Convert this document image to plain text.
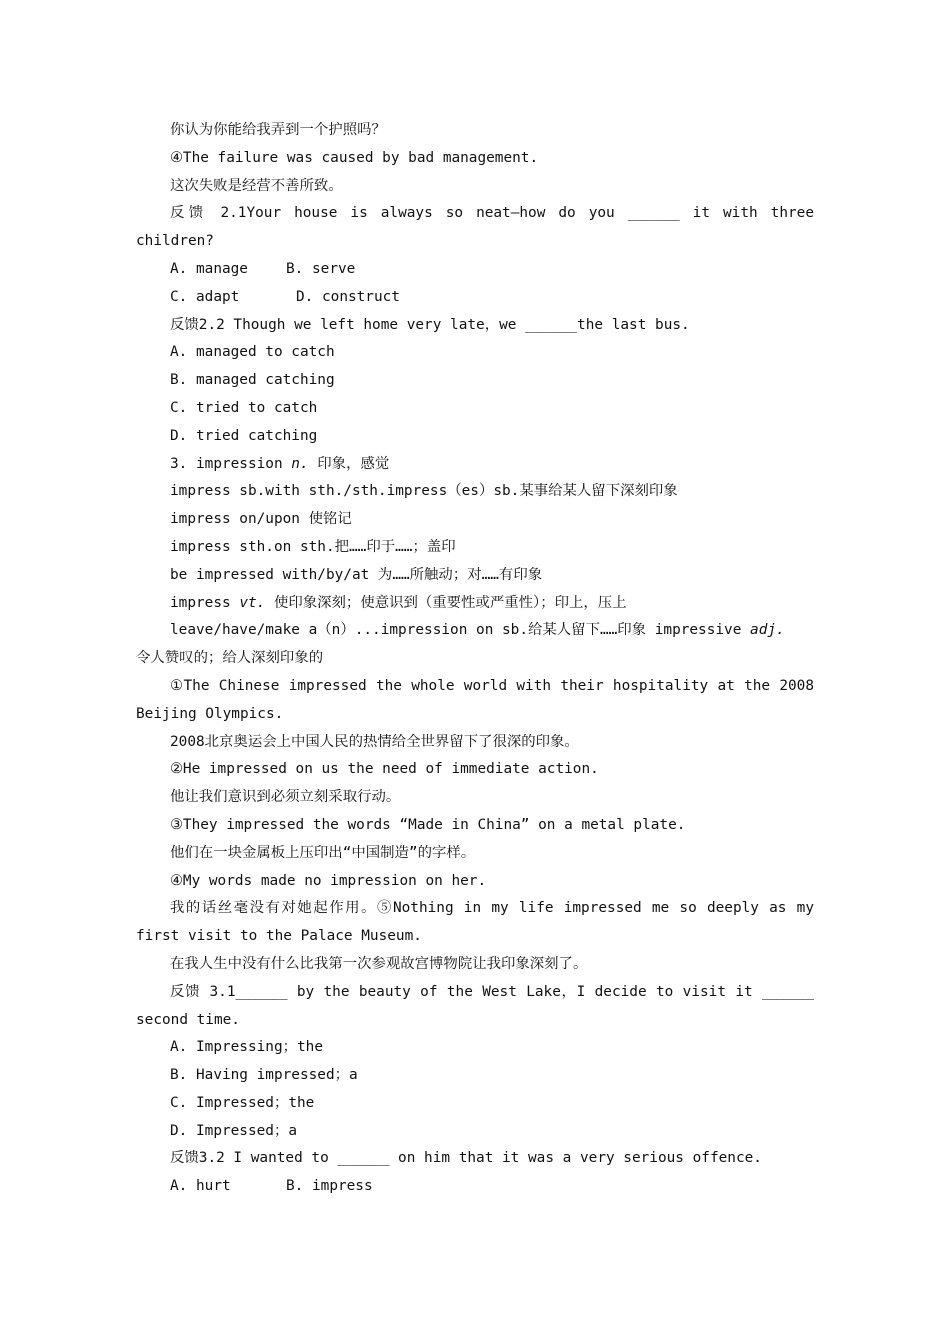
你认为你能给我弄到一个护照吗？
④The failure was caused by bad management.
这次失败是经营不善所致。
反馈 2.1Your house is always so neat—how do you ______ it with three
children?
A. manage	B. serve
C. adapt	D. construct
反馈2.2 Though we left home very late，we ______the last bus.
A. managed to catch
B. managed catching
C. tried to catch
D. tried catching
3. impression n. 印象，感觉
impress sb.with sth./sth.impress（es）sb.某事给某人留下深刻印象
impress on/upon 使铭记
impress sth.on sth.把……印于……；盖印
be impressed with/by/at 为……所触动；对……有印象
impress vt. 使印象深刻；使意识到（重要性或严重性）；印上，压上
leave/have/make a（n）...impression on sb.给某人留下……印象 impressive adj.
令人赞叹的；给人深刻印象的
①The Chinese impressed the whole world with their hospitality at the 2008
Beijing Olympics.
2008北京奥运会上中国人民的热情给全世界留下了很深的印象。
②He impressed on us the need of immediate action.
他让我们意识到必须立刻采取行动。
③They impressed the words “Made in China” on a metal plate.
他们在一块金属板上压印出“中国制造”的字样。
④My words made no impression on her.
我的话丝毫没有对她起作用。⑤Nothing in my life impressed me so deeply as my
first visit to the Palace Museum.
在我人生中没有什么比我第一次参观故宫博物院让我印象深刻了。
反馈 3.1______ by the beauty of the West Lake，I decide to visit it ______
second time.
A. Impressing；the
B. Having impressed；a
C. Impressed；the
D. Impressed；a
反馈3.2 I wanted to ______ on him that it was a very serious offence.
A. hurt	B. impress
